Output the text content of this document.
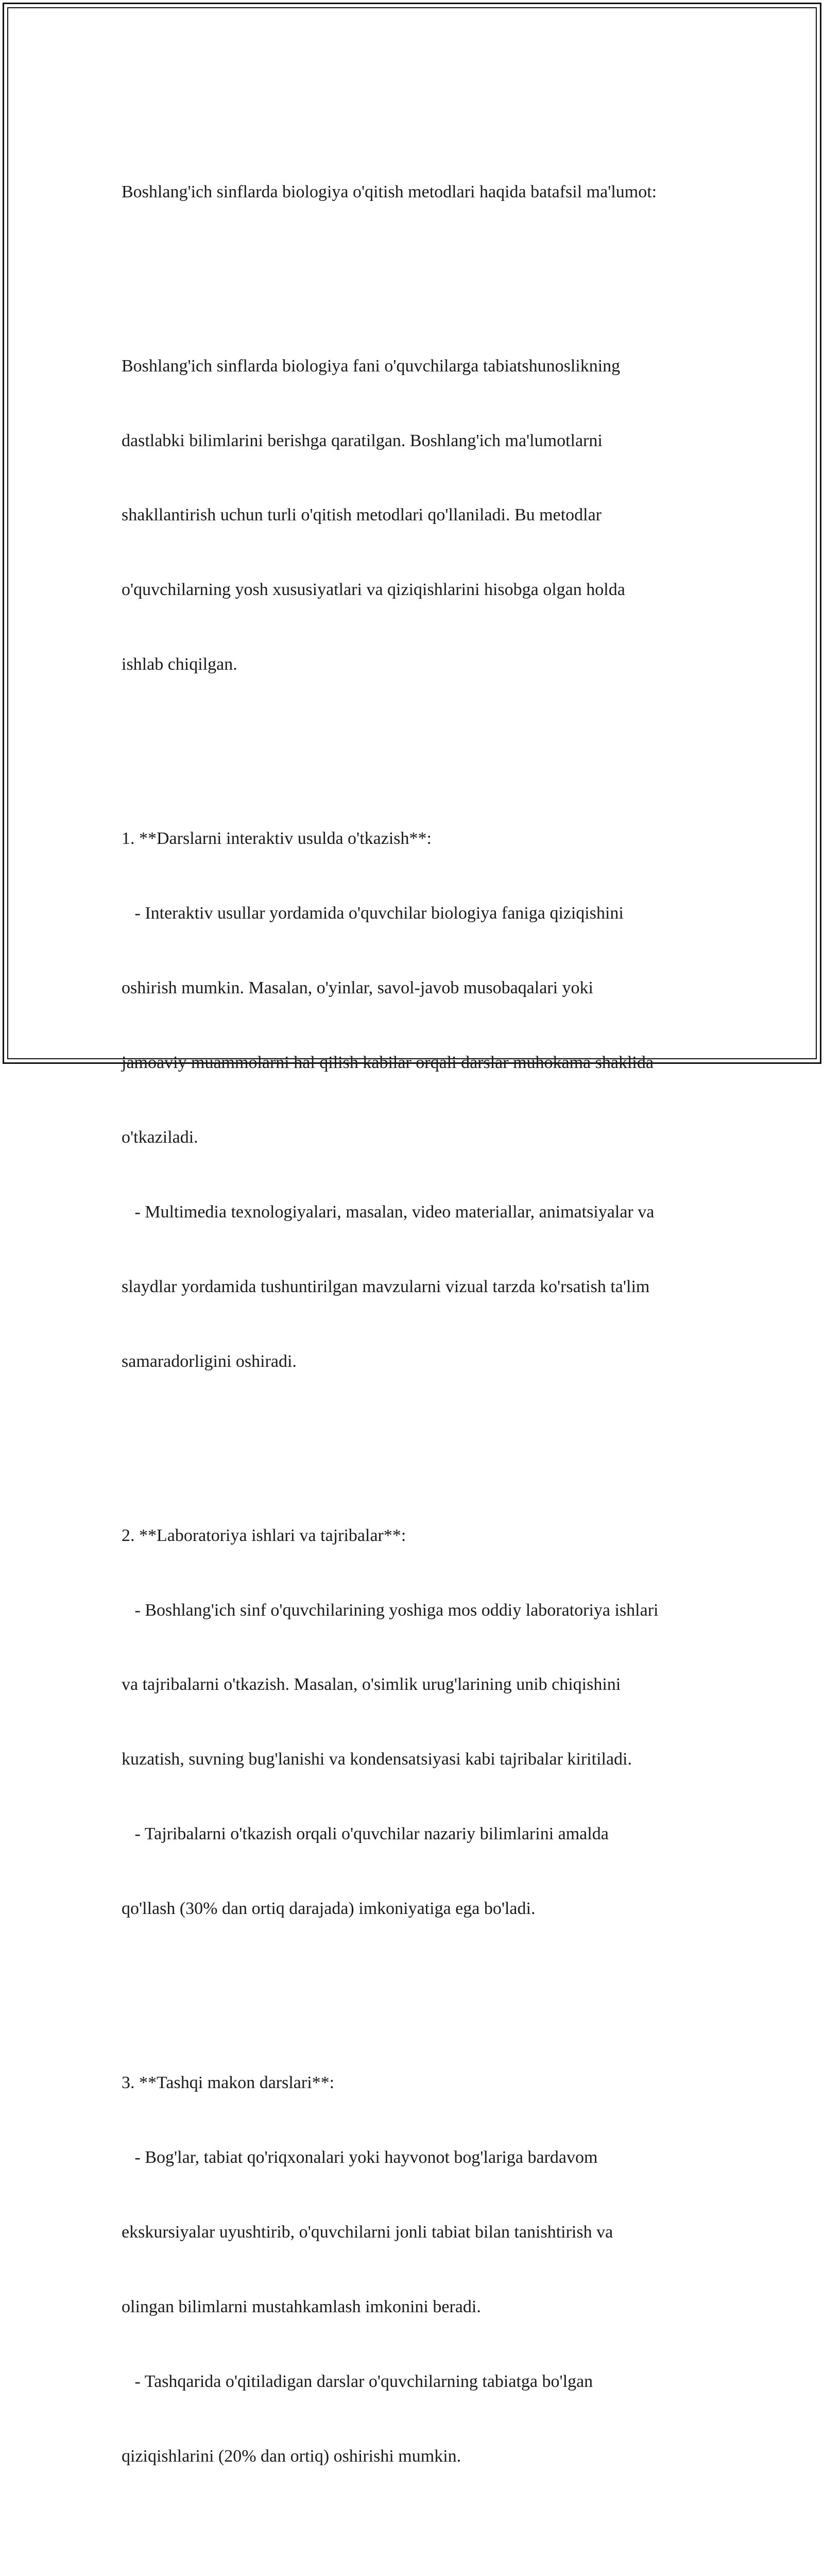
Boshlang'ich sinflarda biologiya o'qitish metodlari haqida batafsil ma'lumot:

Boshlang'ich sinflarda biologiya fani o'quvchilarga tabiatshunoslikning

dastlabki bilimlarini berishga qaratilgan. Boshlang'ich ma'lumotlarni

shakllantirish uchun turli o'qitish metodlari qo'llaniladi. Bu metodlar

o'quvchilarning yosh xususiyatlari va qiziqishlarini hisobga olgan holda

ishlab chiqilgan.

1. **Darslarni interaktiv usulda o'tkazish**:

- Interaktiv usullar yordamida o'quvchilar biologiya faniga qiziqishini

oshirish mumkin. Masalan, o'yinlar, savol-javob musobaqalari yoki

jamoaviy muammolarni hal qilish kabilar orqali darslar muhokama shaklida

o'tkaziladi.

- Multimedia texnologiyalari, masalan, video materiallar, animatsiyalar va

slaydlar yordamida tushuntirilgan mavzularni vizual tarzda ko'rsatish ta'lim

samaradorligini oshiradi.

2. **Laboratoriya ishlari va tajribalar**:

- Boshlang'ich sinf o'quvchilarining yoshiga mos oddiy laboratoriya ishlari

va tajribalarni o'tkazish. Masalan, o'simlik urug'larining unib chiqishini

kuzatish, suvning bug'lanishi va kondensatsiyasi kabi tajribalar kiritiladi.

- Tajribalarni o'tkazish orqali o'quvchilar nazariy bilimlarini amalda

qo'llash (30% dan ortiq darajada) imkoniyatiga ega bo'ladi.

3. **Tashqi makon darslari**:

- Bog'lar, tabiat qo'riqxonalari yoki hayvonot bog'lariga bardavom

ekskursiyalar uyushtirib, o'quvchilarni jonli tabiat bilan tanishtirish va

olingan bilimlarni mustahkamlash imkonini beradi.

- Tashqarida o'qitiladigan darslar o'quvchilarning tabiatga bo'lgan

qiziqishlarini (20% dan ortiq) oshirishi mumkin.
